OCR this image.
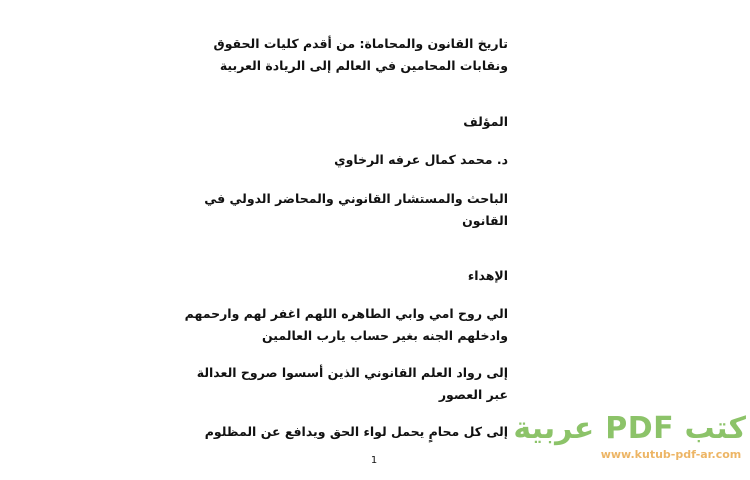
تاريخ القانون والمحاماة: من أقدم كليات الحقوق
ونقابات المحامين في العالم إلى الريادة العربية
المؤلف
د. محمد كمال عرفه الرخاوي
الباحث والمستشار القانوني والمحاضر الدولي في
القانون
الإهداء
الي روح امي وابي الطاهره اللهم اغفر لهم وارحمهم
وادخلهم الجنه بغير حساب يارب العالمين
إلى رواد العلم القانوني الذين أسسوا صروح العدالة
عبر العصور
إلى كل محامٍ يحمل لواء الحق ويدافع عن المظلوم
1
كتب PDF عربية
www.kutub-pdf-ar.com
